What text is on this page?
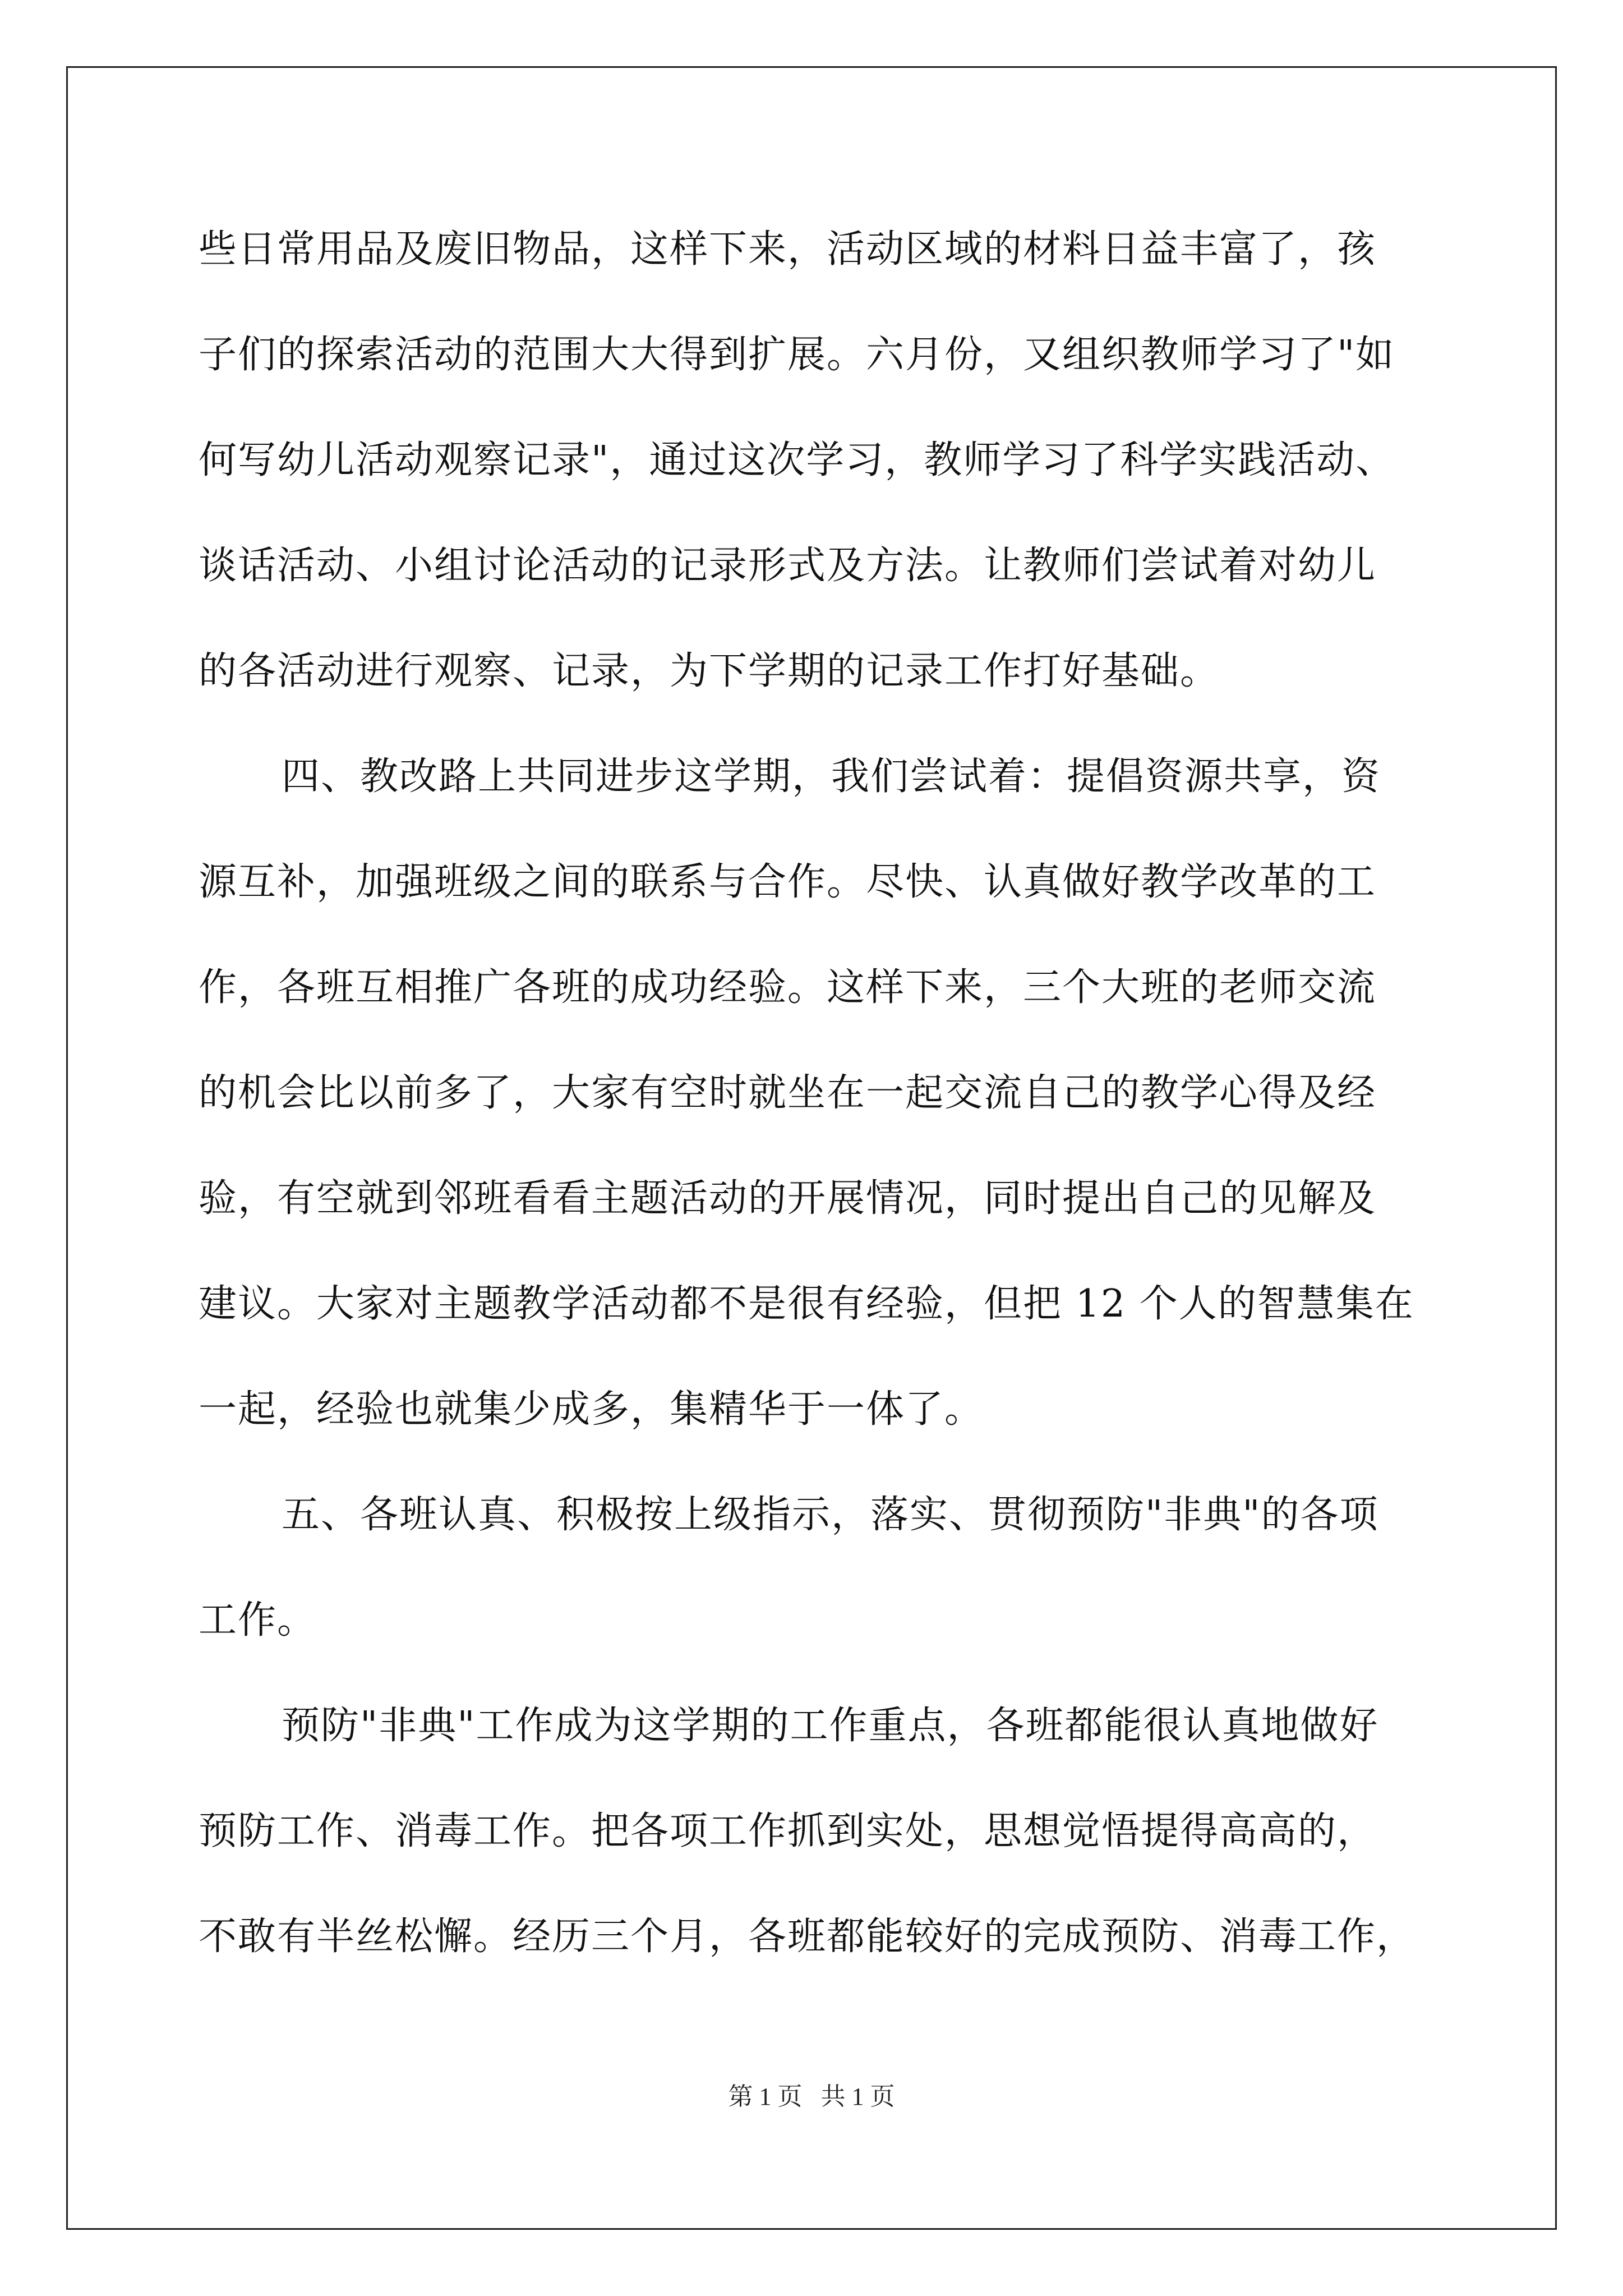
些日常用品及废旧物品，这样下来，活动区域的材料日益丰富了，孩
子们的探索活动的范围大大得到扩展。六月份，又组织教师学习了"如
何写幼儿活动观察记录"，通过这次学习，教师学习了科学实践活动、
谈话活动、小组讨论活动的记录形式及方法。让教师们尝试着对幼儿
的各活动进行观察、记录，为下学期的记录工作打好基础。
四、教改路上共同进步这学期，我们尝试着：提倡资源共享，资
源互补，加强班级之间的联系与合作。尽快、认真做好教学改革的工
作，各班互相推广各班的成功经验。这样下来，三个大班的老师交流
的机会比以前多了，大家有空时就坐在一起交流自己的教学心得及经
验，有空就到邻班看看主题活动的开展情况，同时提出自己的见解及
建议。大家对主题教学活动都不是很有经验，但把 12 个人的智慧集在
一起，经验也就集少成多，集精华于一体了。
五、各班认真、积极按上级指示，落实、贯彻预防"非典"的各项
工作。
预防"非典"工作成为这学期的工作重点，各班都能很认真地做好
预防工作、消毒工作。把各项工作抓到实处，思想觉悟提得高高的，
不敢有半丝松懈。经历三个月，各班都能较好的完成预防、消毒工作，
第 1 页   共 1 页
